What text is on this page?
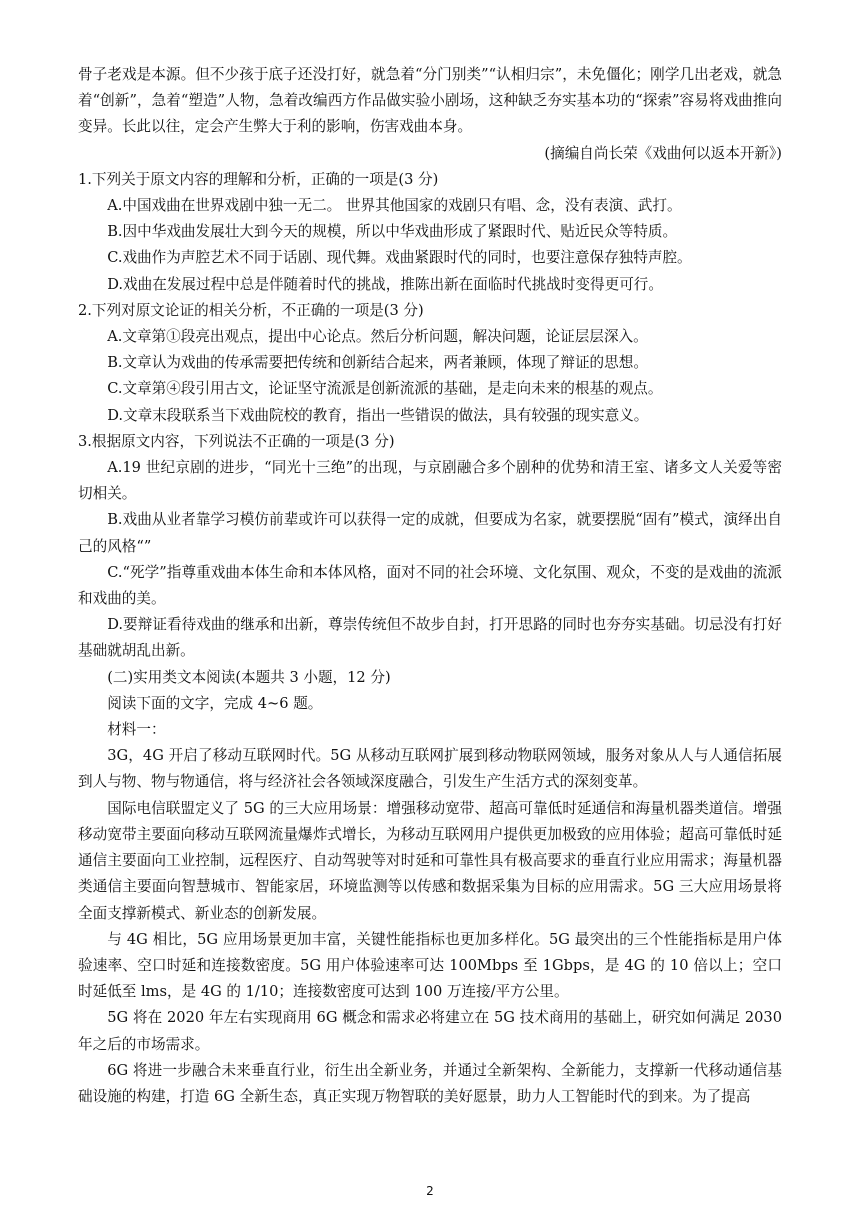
骨子老戏是本源。但不少孩于底子还没打好，就急着“分门别类”“认相归宗”，未免僵化；刚学几出老戏，就急着“创新”，急着“塑造”人物，急着改编西方作品做实验小剧场，这种缺乏夯实基本功的“探索”容易将戏曲推向变异。长此以往，定会产生弊大于利的影响，伤害戏曲本身。

(摘编自尚长荣《戏曲何以返本开新》)

1.下列关于原文内容的理解和分析，正确的一项是(3 分)

A.中国戏曲在世界戏剧中独一无二。 世界其他国家的戏剧只有唱、念，没有表演、武打。

B.因中华戏曲发展壮大到今天的规模，所以中华戏曲形成了紧跟时代、贴近民众等特质。

C.戏曲作为声腔艺术不同于话剧、现代舞。戏曲紧跟时代的同时，也要注意保存独特声腔。

D.戏曲在发展过程中总是伴随着时代的挑战，推陈出新在面临时代挑战时变得更可行。

2.下列对原文论证的相关分析，不正确的一项是(3 分)

A.文章第①段亮出观点，提出中心论点。然后分析问题，解决问题，论证层层深入。

B.文章认为戏曲的传承需要把传统和创新结合起来，两者兼顾，体现了辩证的思想。

C.文章第④段引用古文，论证坚守流派是创新流派的基础，是走向未来的根基的观点。

D.文章末段联系当下戏曲院校的教育，指出一些错误的做法，具有较强的现实意义。

3.根据原文内容，下列说法不正确的一项是(3 分)

A.19 世纪京剧的进步，“同光十三绝”的出现，与京剧融合多个剧种的优势和清王室、诸多文人关爱等密切相关。

B.戏曲从业者靠学习模仿前辈或许可以获得一定的成就，但要成为名家，就要摆脱“固有”模式，演绎出自己的风格“”

C.“死学”指尊重戏曲本体生命和本体风格，面对不同的社会环境、文化氛围、观众，不变的是戏曲的流派和戏曲的美。

D.要辩证看待戏曲的继承和出新，尊崇传统但不故步自封，打开思路的同时也夯夯实基础。切忌没有打好基础就胡乱出新。

(二)实用类文本阅读(本题共 3 小题，12 分)

阅读下面的文字，完成 4~6 题。

材料一：

3G，4G 开启了移动互联网时代。5G 从移动互联网扩展到移动物联网领域，服务对象从人与人通信拓展到人与物、物与物通信，将与经济社会各领域深度融合，引发生产生活方式的深刻变革。

国际电信联盟定义了 5G 的三大应用场景：增强移动宽带、超高可靠低时延通信和海量机器类道信。增强移动宽带主要面向移动互联网流量爆炸式增长，为移动互联网用户提供更加极致的应用体验；超高可靠低时延通信主要面向工业控制，远程医疗、自动驾驶等对时延和可靠性具有极高要求的垂直行业应用需求；海量机器类通信主要面向智慧城市、智能家居，环境监测等以传感和数据采集为目标的应用需求。5G 三大应用场景将全面支撑新模式、新业态的创新发展。

与 4G 相比，5G 应用场景更加丰富，关键性能指标也更加多样化。5G 最突出的三个性能指标是用户体验速率、空口时延和连接数密度。5G 用户体验速率可达 100Mbps 至 1Gbps，是 4G 的 10 倍以上；空口时延低至 lms，是 4G 的 1/10；连接数密度可达到 100 万连接/平方公里。

5G 将在 2020 年左右实现商用 6G 概念和需求必将建立在 5G 技术商用的基础上，研究如何满足 2030 年之后的市场需求。

6G 将进一步融合未来垂直行业，衍生出全新业务，并通过全新架构、全新能力，支撑新一代移动通信基础设施的构建，打造 6G 全新生态，真正实现万物智联的美好愿景，助力人工智能时代的到来。为了提高

2
